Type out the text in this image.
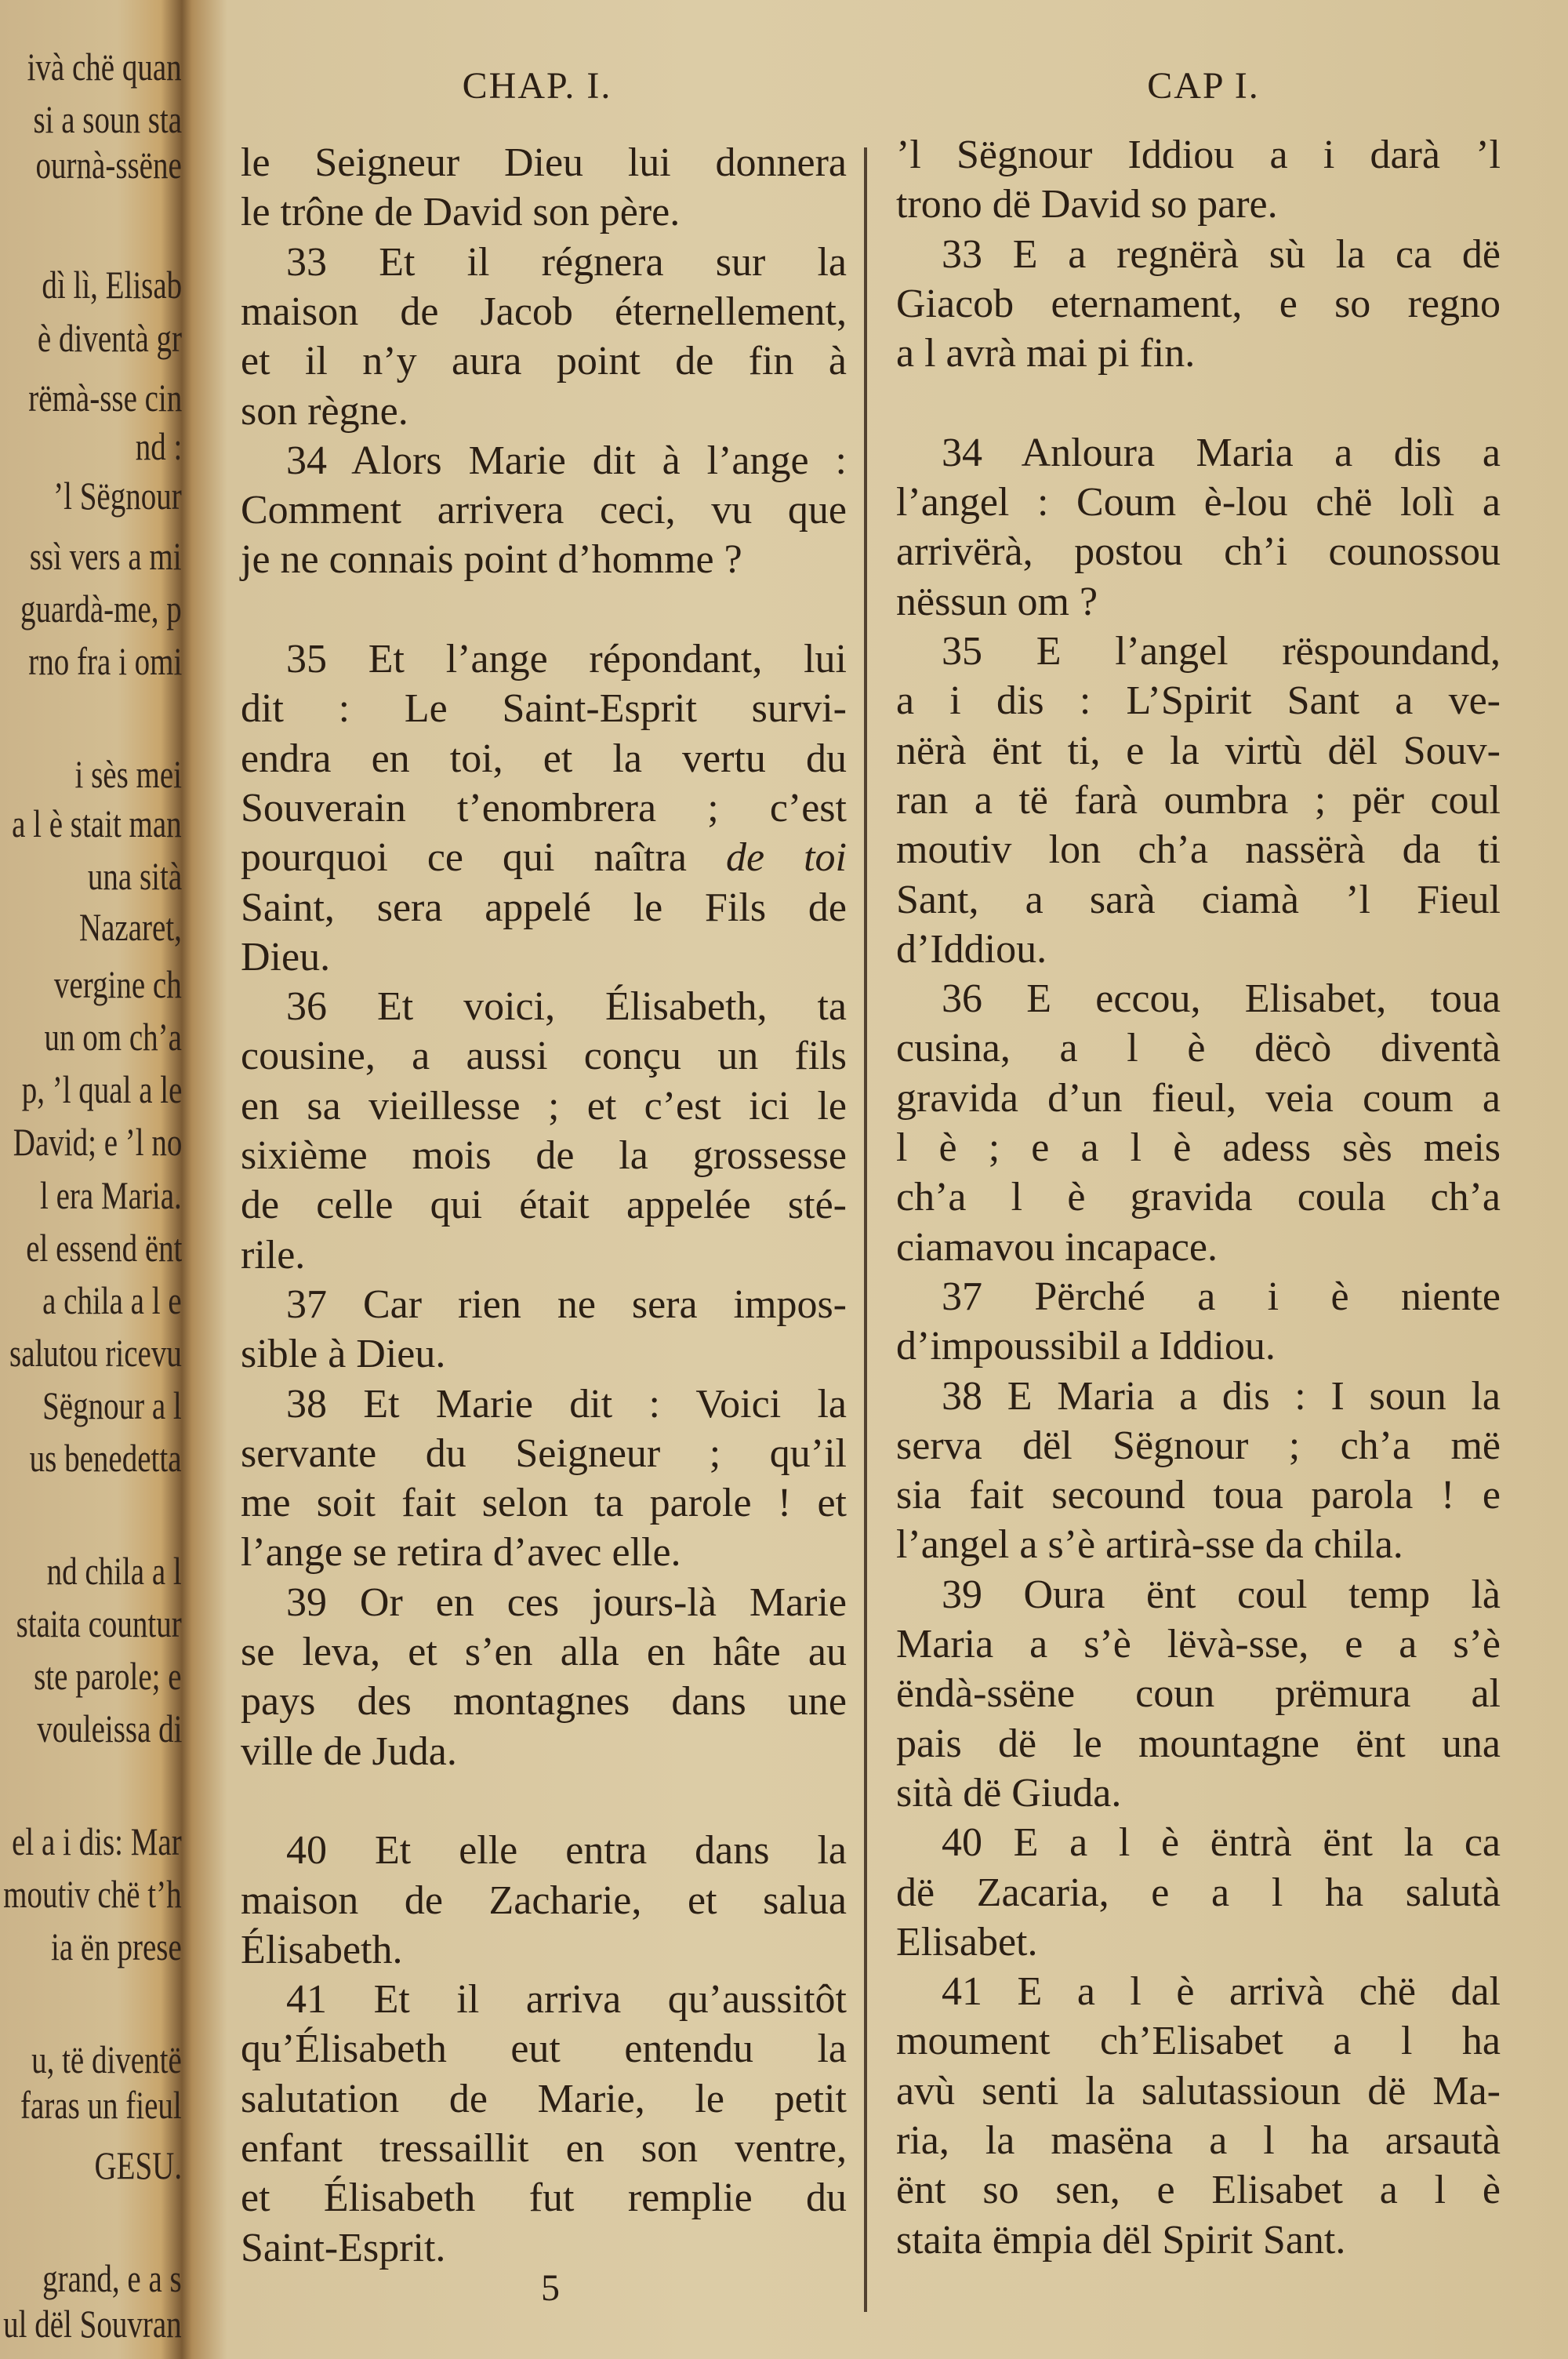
ivà chë quan
si a soun sta
ournà-ssëne
dì lì, Elisab
è diventà gr
rëmà-sse cin
nd :
’l Sëgnour
ssì vers a mi
guardà-me, p
rno fra i omi
i sès mei
a l è stait man
una sità
Nazaret,
vergine ch
un om ch’a
p, ’l qual a le
David; e ’l no
l era Maria.
el essend ënt
a chila a l e
salutou ricevu
Sëgnour a l
us benedetta
nd chila a l
staita countur
ste parole; e
vouleissa di
el a i dis: Mar
moutiv chë t’h
ia ën prese
u, të diventë
faras un fieul
GESU.
grand, e a s
ul dël Souvran
CHAP. I.	CAP I.
le Seigneur Dieu lui donnera
le trône de David son père.
33 Et il régnera sur la
maison de Jacob éternellement,
et il n’y aura point de fin à
son règne.
34 Alors Marie dit à l’ange :
Comment arrivera ceci, vu que
je ne connais point d’homme ?
35 Et l’ange répondant, lui
dit : Le Saint-Esprit survi-
endra en toi, et la vertu du
Souverain t’enombrera ; c’est
pourquoi ce qui naîtra de toi
Saint, sera appelé le Fils de
Dieu.
36 Et voici, Élisabeth, ta
cousine, a aussi conçu un fils
en sa vieillesse ; et c’est ici le
sixième mois de la grossesse
de celle qui était appelée sté-
rile.
37 Car rien ne sera impos-
sible à Dieu.
38 Et Marie dit : Voici la
servante du Seigneur ; qu’il
me soit fait selon ta parole ! et
l’ange se retira d’avec elle.
39 Or en ces jours-là Marie
se leva, et s’en alla en hâte au
pays des montagnes dans une
ville de Juda.
40 Et elle entra dans la
maison de Zacharie, et salua
Élisabeth.
41 Et il arriva qu’aussitôt
qu’Élisabeth eut entendu la
salutation de Marie, le petit
enfant tressaillit en son ventre,
et Élisabeth fut remplie du
Saint-Esprit.
’l Sëgnour Iddiou a i darà ’l
trono dë David so pare.
33 E a regnërà sù la ca dë
Giacob eternament, e so regno
a l avrà mai pi fin.
34 Anloura Maria a dis a
l’angel : Coum è-lou chë lolì a
arrivërà, postou ch’i counossou
nëssun om ?
35 E l’angel rëspoundand,
a i dis : L’Spirit Sant a ve-
nërà ënt ti, e la virtù dël Souv-
ran a të farà oumbra ; për coul
moutiv lon ch’a nassërà da ti
Sant, a sarà ciamà ’l Fieul
d’Iddiou.
36 E eccou, Elisabet, toua
cusina, a l è dëcò diventà
gravida d’un fieul, veia coum a
l è ; e a l è adess sès meis
ch’a l è gravida coula ch’a
ciamavou incapace.
37 Përché a i è niente
d’impoussibil a Iddiou.
38 E Maria a dis : I soun la
serva dël Sëgnour ; ch’a më
sia fait secound toua parola ! e
l’angel a s’è artirà-sse da chila.
39 Oura ënt coul temp là
Maria a s’è lëvà-sse, e a s’è
ëndà-ssëne coun prëmura al
pais dë le mountagne ënt una
sità dë Giuda.
40 E a l è ëntrà ënt la ca
dë Zacaria, e a l ha salutà
Elisabet.
41 E a l è arrivà chë dal
moument ch’Elisabet a l ha
avù senti la salutassioun dë Ma-
ria, la masëna a l ha arsautà
ënt so sen, e Elisabet a l è
staita ëmpia dël Spirit Sant.
5
